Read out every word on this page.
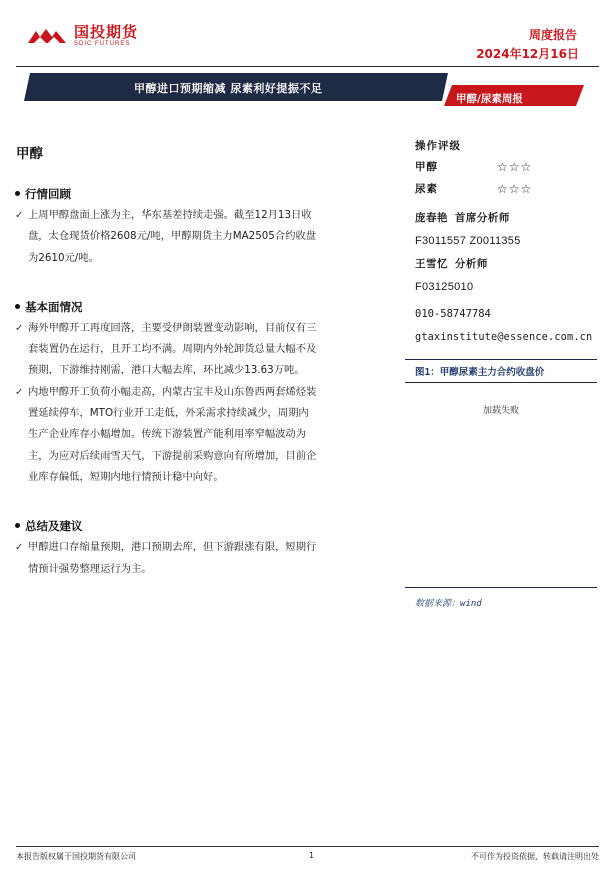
国投期货
SDIC FUTURES
周度报告
2024年12月16日
甲醇进口预期缩减 尿素利好提振不足
甲醇/尿素周报
甲醇
行情回顾
✓ 上周甲醇盘面上涨为主，华东基差持续走强。截至12月13日收
盘，太仓现货价格2608元/吨，甲醇期货主力MA2505合约收盘
为2610元/吨。
基本面情况
✓ 海外甲醇开工再度回落，主要受伊朗装置变动影响，目前仅有三
套装置仍在运行，且开工均不满。周期内外轮卸货总量大幅不及
预期，下游维持刚需，港口大幅去库，环比减少13.63万吨。
✓ 内地甲醇开工负荷小幅走高，内蒙古宝丰及山东鲁西两套烯烃装
置延续停车，MTO行业开工走低，外采需求持续减少，周期内
生产企业库存小幅增加。传统下游装置产能利用率窄幅波动为
主，为应对后续雨雪天气，下游提前采购意向有所增加，目前企
业库存偏低，短期内地行情预计稳中向好。
总结及建议
✓ 甲醇进口存缩量预期，港口预期去库，但下游跟涨有限，短期行
情预计强势整理运行为主。
操作评级
甲醇	☆☆☆
尿素	☆☆☆
庞春艳 首席分析师
F3011557 Z0011355
王雪忆 分析师
F03125010
010-58747784
gtaxinstitute@essence.com.cn
图1：甲醇尿素主力合约收盘价
加载失败
数据来源：wind
本报告版权属于国投期货有限公司	1	不可作为投资依据，转载请注明出处
